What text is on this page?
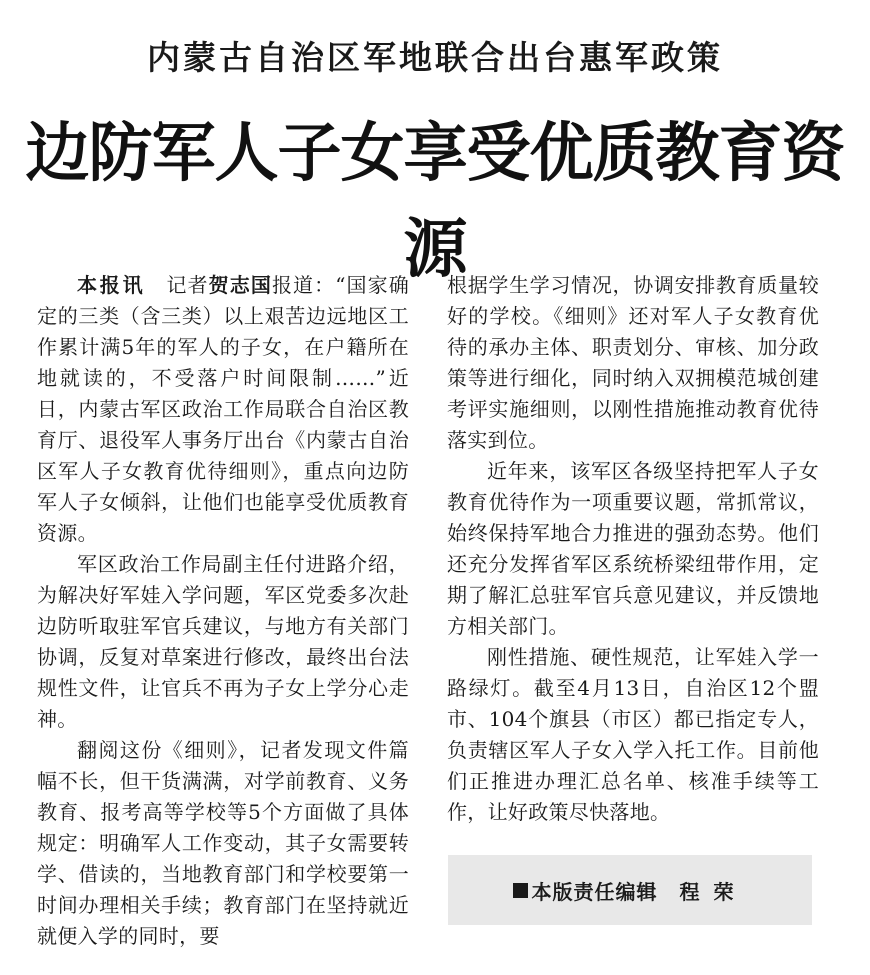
内蒙古自治区军地联合出台惠军政策
边防军人子女享受优质教育资源

本报讯　 记者贺志国报道：“国家确定的三类（含三类）以上艰苦边远地区工作累计满5年的军人的子女，在户籍所在地就读的，不受落户时间限制……”近日，内蒙古军区政治工作局联合自治区教育厅、退役军人事务厅出台《内蒙古自治区军人子女教育优待细则》，重点向边防军人子女倾斜，让他们也能享受优质教育资源。

军区政治工作局副主任付进路介绍，为解决好军娃入学问题，军区党委多次赴边防听取驻军官兵建议，与地方有关部门协调，反复对草案进行修改，最终出台法规性文件，让官兵不再为子女上学分心走神。

翻阅这份《细则》，记者发现文件篇幅不长，但干货满满，对学前教育、义务教育、报考高等学校等5个方面做了具体规定：明确军人工作变动，其子女需要转学、借读的，当地教育部门和学校要第一时间办理相关手续；教育部门在坚持就近就便入学的同时，要

根据学生学习情况，协调安排教育质量较好的学校。《细则》还对军人子女教育优待的承办主体、职责划分、审核、加分政策等进行细化，同时纳入双拥模范城创建考评实施细则，以刚性措施推动教育优待落实到位。

近年来，该军区各级坚持把军人子女教育优待作为一项重要议题，常抓常议，始终保持军地合力推进的强劲态势。他们还充分发挥省军区系统桥梁纽带作用，定期了解汇总驻军官兵意见建议，并反馈地方相关部门。

刚性措施、硬性规范，让军娃入学一路绿灯。截至4月13日，自治区12个盟市、104个旗县（市区）都已指定专人，负责辖区军人子女入学入托工作。目前他们正推进办理汇总名单、核准手续等工作，让好政策尽快落地。

本版责任编辑 程荣
